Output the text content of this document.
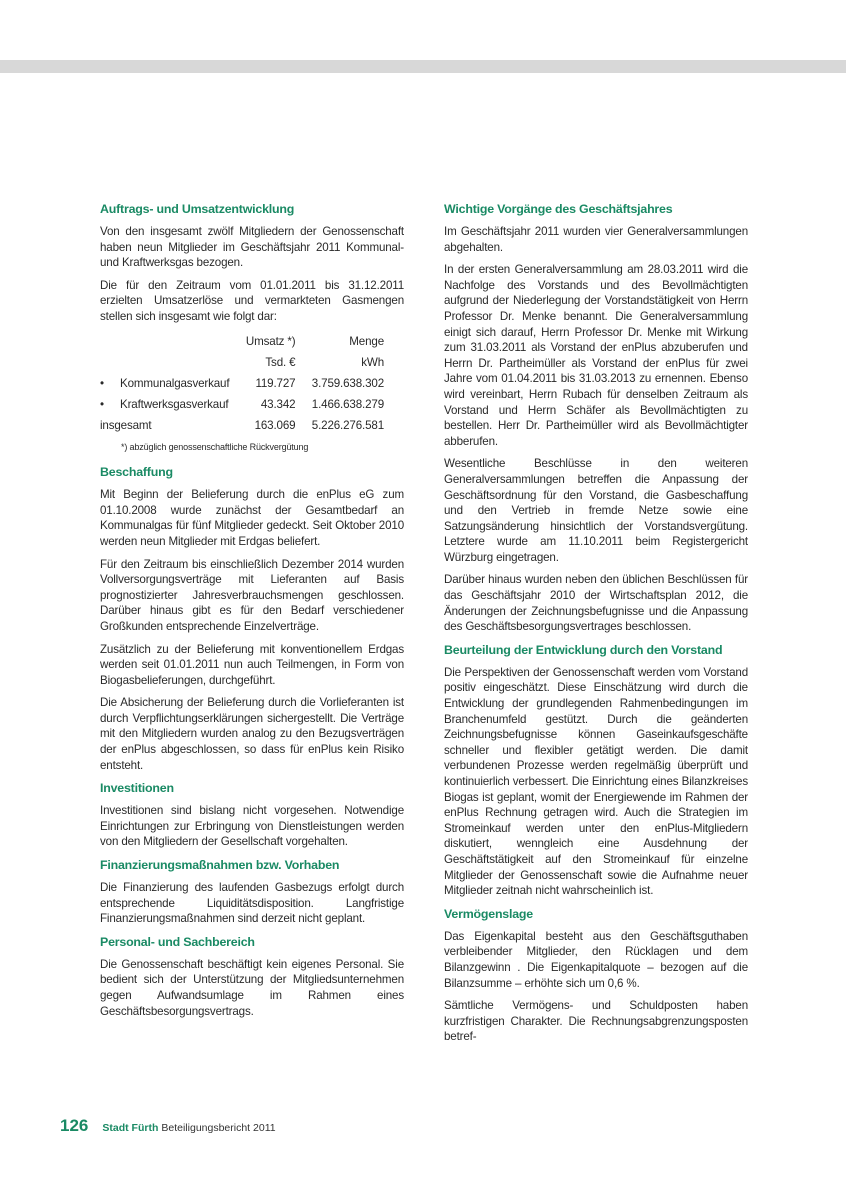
Auftrags- und Umsatzentwicklung

Von den insgesamt zwölf Mitgliedern der Genossenschaft haben neun Mitglieder im Geschäftsjahr 2011 Kommunal- und Kraftwerksgas bezogen.

Die für den Zeitraum vom 01.01.2011 bis 31.12.2011 erzielten Umsatzerlöse und vermarkteten Gasmengen stellen sich insgesamt wie folgt dar:

	Umsatz *)	Menge
	Tsd. €	kWh
• Kommunalgasverkauf	119.727	3.759.638.302
• Kraftwerksgasverkauf	43.342	1.466.638.279
insgesamt	163.069	5.226.276.581
*) abzüglich genossenschaftliche Rückvergütung
Beschaffung

Mit Beginn der Belieferung durch die enPlus eG zum 01.10.2008 wurde zunächst der Gesamtbedarf an Kommunalgas für fünf Mitglieder gedeckt. Seit Oktober 2010 werden neun Mitglieder mit Erdgas beliefert.

Für den Zeitraum bis einschließlich Dezember 2014 wurden Vollversorgungsverträge mit Lieferanten auf Basis prognostizierter Jahresverbrauchsmengen geschlossen. Darüber hinaus gibt es für den Bedarf verschiedener Großkunden entsprechende Einzelverträge.

Zusätzlich zu der Belieferung mit konventionellem Erdgas werden seit 01.01.2011 nun auch Teilmengen, in Form von Biogasbelieferungen, durchgeführt.

Die Absicherung der Belieferung durch die Vorlieferanten ist durch Verpflichtungserklärungen sichergestellt. Die Verträge mit den Mitgliedern wurden analog zu den Bezugsverträgen der enPlus abgeschlossen, so dass für enPlus kein Risiko entsteht.

Investitionen

Investitionen sind bislang nicht vorgesehen. Notwendige Einrichtungen zur Erbringung von Dienstleistungen werden von den Mitgliedern der Gesellschaft vorgehalten.

Finanzierungsmaßnahmen bzw. Vorhaben

Die Finanzierung des laufenden Gasbezugs erfolgt durch entsprechende Liquiditätsdisposition. Langfristige Finanzierungsmaßnahmen sind derzeit nicht geplant.

Personal- und Sachbereich

Die Genossenschaft beschäftigt kein eigenes Personal. Sie bedient sich der Unterstützung der Mitgliedsunternehmen gegen Aufwandsumlage im Rahmen eines Geschäftsbesorgungsvertrags.

Wichtige Vorgänge des Geschäftsjahres

Im Geschäftsjahr 2011 wurden vier Generalversammlungen abgehalten.

In der ersten Generalversammlung am 28.03.2011 wird die Nachfolge des Vorstands und des Bevollmächtigten aufgrund der Niederlegung der Vorstandstätigkeit von Herrn Professor Dr. Menke benannt. Die Generalversammlung einigt sich darauf, Herrn Professor Dr. Menke mit Wirkung zum 31.03.2011 als Vorstand der enPlus abzuberufen und Herrn Dr. Partheimüller als Vorstand der enPlus für zwei Jahre vom 01.04.2011 bis 31.03.2013 zu ernennen. Ebenso wird vereinbart, Herrn Rubach für denselben Zeitraum als Vorstand und Herrn Schäfer als Bevollmächtigten zu bestellen. Herr Dr. Partheimüller wird als Bevollmächtigter abberufen.

Wesentliche Beschlüsse in den weiteren Generalversammlungen betreffen die Anpassung der Geschäftsordnung für den Vorstand, die Gasbeschaffung und den Vertrieb in fremde Netze sowie eine Satzungsänderung hinsichtlich der Vorstandsvergütung. Letztere wurde am 11.10.2011 beim Registergericht Würzburg eingetragen.

Darüber hinaus wurden neben den üblichen Beschlüssen für das Geschäftsjahr 2010 der Wirtschaftsplan 2012, die Änderungen der Zeichnungsbefugnisse und die Anpassung des Geschäftsbesorgungsvertrages beschlossen.

Beurteilung der Entwicklung durch den Vorstand

Die Perspektiven der Genossenschaft werden vom Vorstand positiv eingeschätzt. Diese Einschätzung wird durch die Entwicklung der grundlegenden Rahmenbedingungen im Branchenumfeld gestützt. Durch die geänderten Zeichnungsbefugnisse können Gaseinkaufsgeschäfte schneller und flexibler getätigt werden. Die damit verbundenen Prozesse werden regelmäßig überprüft und kontinuierlich verbessert. Die Einrichtung eines Bilanzkreises Biogas ist geplant, womit der Energiewende im Rahmen der enPlus Rechnung getragen wird. Auch die Strategien im Stromeinkauf werden unter den enPlus-Mitgliedern diskutiert, wenngleich eine Ausdehnung der Geschäftstätigkeit auf den Stromeinkauf für einzelne Mitglieder der Genossenschaft sowie die Aufnahme neuer Mitglieder zeitnah nicht wahrscheinlich ist.

Vermögenslage

Das Eigenkapital besteht aus den Geschäftsguthaben verbleibender Mitglieder, den Rücklagen und dem Bilanzgewinn . Die Eigenkapitalquote – bezogen auf die Bilanzsumme – erhöhte sich um 0,6 %.

Sämtliche Vermögens- und Schuldposten haben kurzfristigen Charakter. Die Rechnungsabgrenzungsposten betref-

126 Stadt Fürth Beteiligungsbericht 2011
